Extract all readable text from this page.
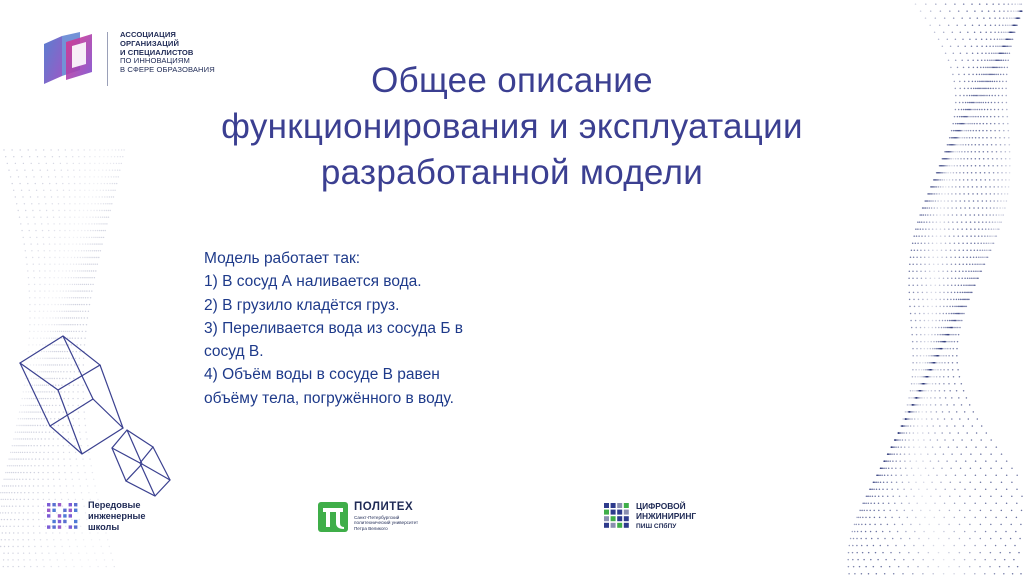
АССОЦИАЦИЯ
ОРГАНИЗАЦИЙ
И СПЕЦИАЛИСТОВ
ПО ИННОВАЦИЯМ
В СФЕРЕ ОБРАЗОВАНИЯ	Общее описание
функционирования и эксплуатации
разработанной модели
Модель работает так:
1) В сосуд А наливается вода.
2) В грузило кладётся груз.
3) Переливается вода из сосуда Б в
сосуд В.
4) Объём воды в сосуде В равен
объёму тела, погружённого в воду.
Передовые
инженерные
школы
ПОЛИТЕХ
Санкт-Петербургский
политехнический университет
Петра Великого
ЦИФРОВОЙ
ИНЖИНИРИНГ
ПИШ СПбПУ
